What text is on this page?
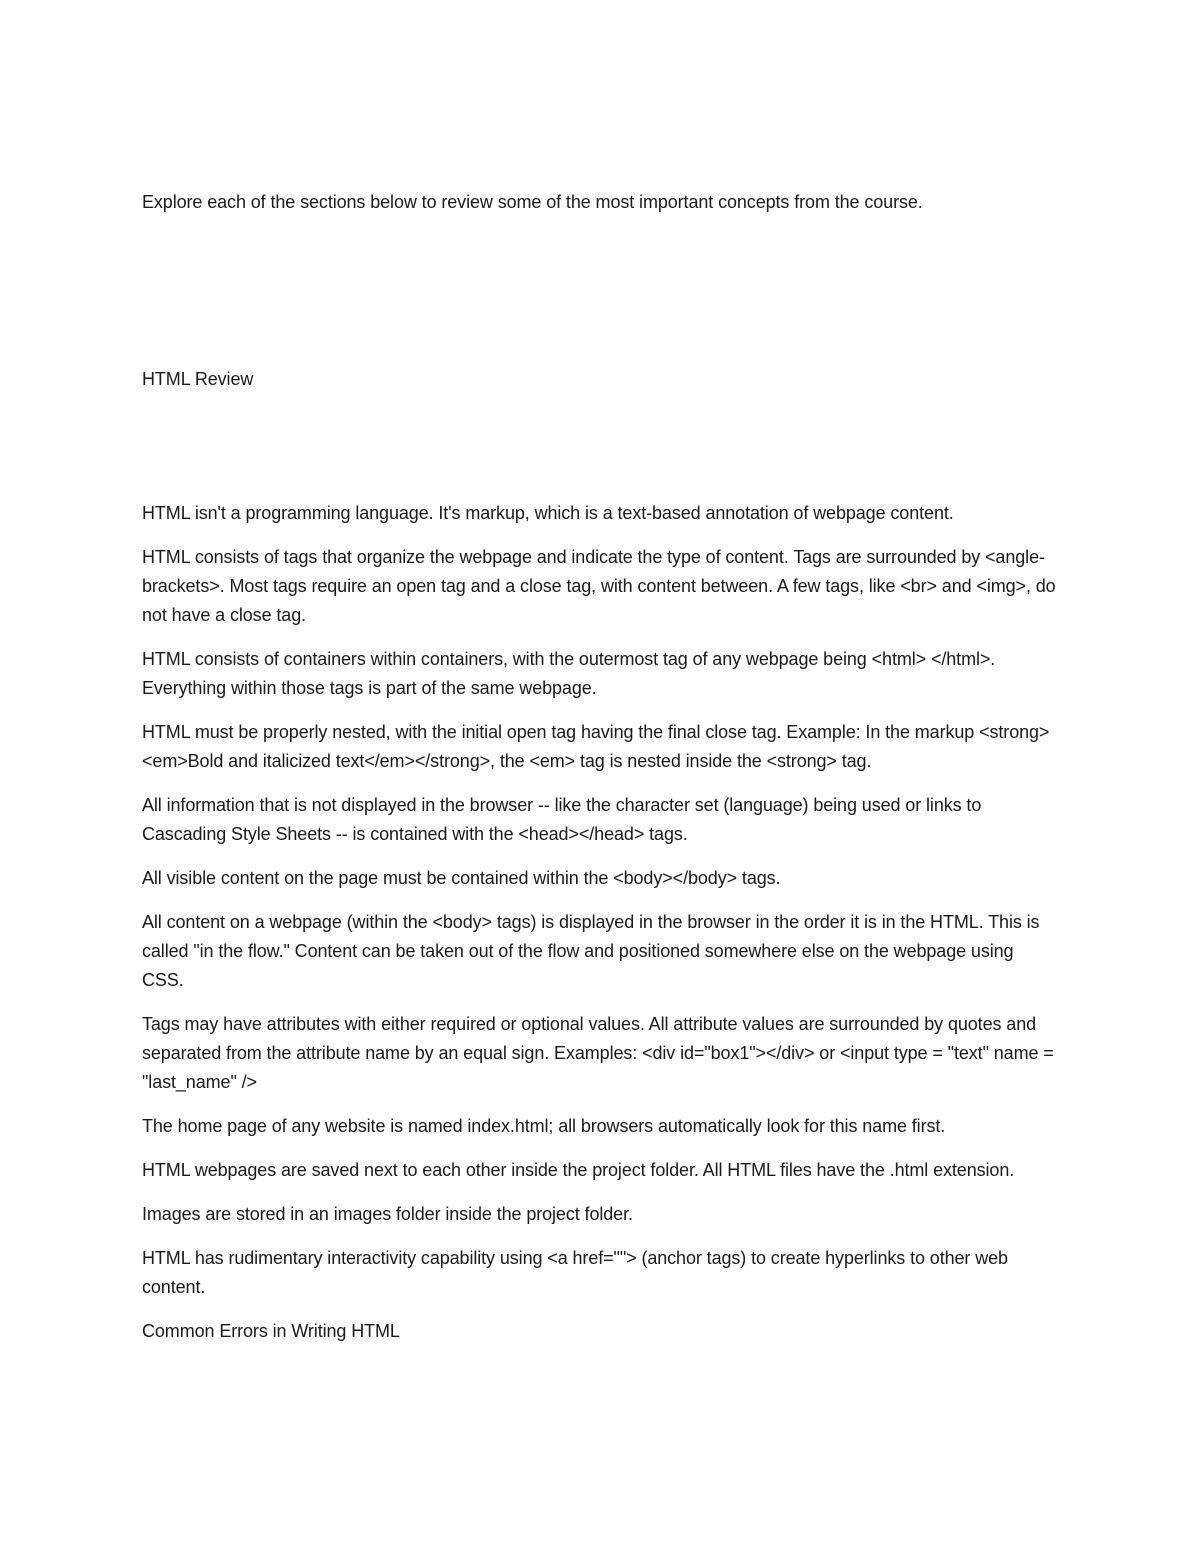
Explore each of the sections below to review some of the most important concepts from the course.

HTML Review

HTML isn't a programming language. It's markup, which is a text-based annotation of webpage content.

HTML consists of tags that organize the webpage and indicate the type of content. Tags are surrounded by <angle-brackets>. Most tags require an open tag and a close tag, with content between. A few tags, like <br> and <img>, do not have a close tag.

HTML consists of containers within containers, with the outermost tag of any webpage being <html> </html>. Everything within those tags is part of the same webpage.

HTML must be properly nested, with the initial open tag having the final close tag. Example: In the markup <strong><em>Bold and italicized text</em></strong>, the <em> tag is nested inside the <strong> tag.

All information that is not displayed in the browser -- like the character set (language) being used or links to Cascading Style Sheets -- is contained with the <head></head> tags.

All visible content on the page must be contained within the <body></body> tags.

All content on a webpage (within the <body> tags) is displayed in the browser in the order it is in the HTML. This is called "in the flow." Content can be taken out of the flow and positioned somewhere else on the webpage using CSS.

Tags may have attributes with either required or optional values. All attribute values are surrounded by quotes and separated from the attribute name by an equal sign. Examples: <div id="box1"></div> or <input type = "text" name = "last_name" />

The home page of any website is named index.html; all browsers automatically look for this name first.

HTML webpages are saved next to each other inside the project folder. All HTML files have the .html extension.

Images are stored in an images folder inside the project folder.

HTML has rudimentary interactivity capability using <a href=""> (anchor tags) to create hyperlinks to other web content.

Common Errors in Writing HTML
